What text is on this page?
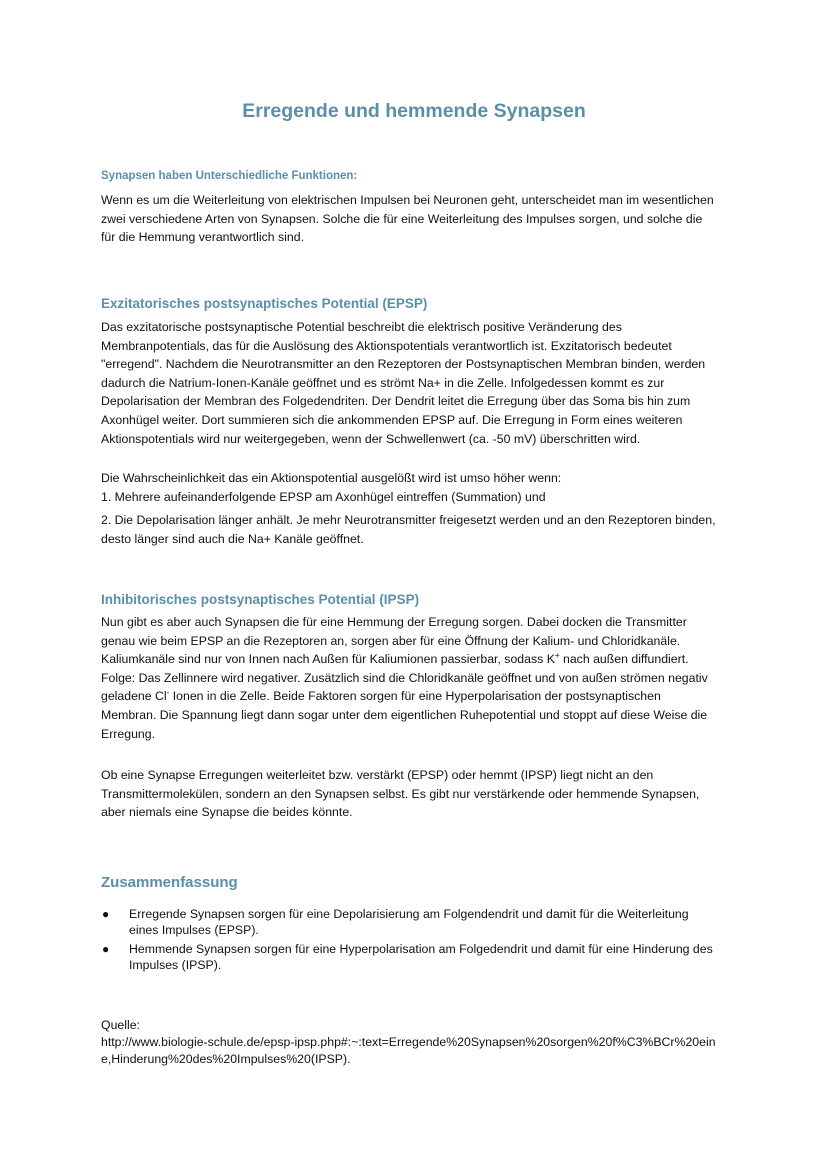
Erregende und hemmende Synapsen
Synapsen haben Unterschiedliche Funktionen:
Wenn es um die Weiterleitung von elektrischen Impulsen bei Neuronen geht, unterscheidet man im wesentlichen
zwei verschiedene Arten von Synapsen. Solche die für eine Weiterleitung des Impulses sorgen, und solche die
für die Hemmung verantwortlich sind.
Exzitatorisches postsynaptisches Potential (EPSP)
Das exzitatorische postsynaptische Potential beschreibt die elektrisch positive Veränderung des
Membranpotentials, das für die Auslösung des Aktionspotentials verantwortlich ist. Exzitatorisch bedeutet
"erregend". Nachdem die Neurotransmitter an den Rezeptoren der Postsynaptischen Membran binden, werden
dadurch die Natrium-Ionen-Kanäle geöffnet und es strömt Na+ in die Zelle. Infolgedessen kommt es zur
Depolarisation der Membran des Folgedendriten. Der Dendrit leitet die Erregung über das Soma bis hin zum
Axonhügel weiter. Dort summieren sich die ankommenden EPSP auf. Die Erregung in Form eines weiteren
Aktionspotentials wird nur weitergegeben, wenn der Schwellenwert (ca. -50 mV) überschritten wird.
Die Wahrscheinlichkeit das ein Aktionspotential ausgelößt wird ist umso höher wenn:
1. Mehrere aufeinanderfolgende EPSP am Axonhügel eintreffen (Summation) und
2. Die Depolarisation länger anhält. Je mehr Neurotransmitter freigesetzt werden und an den Rezeptoren binden,
desto länger sind auch die Na+ Kanäle geöffnet.
Inhibitorisches postsynaptisches Potential (IPSP)
Nun gibt es aber auch Synapsen die für eine Hemmung der Erregung sorgen. Dabei docken die Transmitter
genau wie beim EPSP an die Rezeptoren an, sorgen aber für eine Öffnung der Kalium- und Chloridkanäle.
Kaliumkanäle sind nur von Innen nach Außen für Kaliumionen passierbar, sodass K+ nach außen diffundiert.
Folge: Das Zellinnere wird negativer. Zusätzlich sind die Chloridkanäle geöffnet und von außen strömen negativ
geladene Cl- Ionen in die Zelle. Beide Faktoren sorgen für eine Hyperpolarisation der postsynaptischen
Membran. Die Spannung liegt dann sogar unter dem eigentlichen Ruhepotential und stoppt auf diese Weise die
Erregung.
Ob eine Synapse Erregungen weiterleitet bzw. verstärkt (EPSP) oder hemmt (IPSP) liegt nicht an den
Transmittermolekülen, sondern an den Synapsen selbst. Es gibt nur verstärkende oder hemmende Synapsen,
aber niemals eine Synapse die beides könnte.
Zusammenfassung
● Erregende Synapsen sorgen für eine Depolarisierung am Folgendendrit und damit für die Weiterleitung
eines Impulses (EPSP).
● Hemmende Synapsen sorgen für eine Hyperpolarisation am Folgedendrit und damit für eine Hinderung des
Impulses (IPSP).
Quelle:
http://www.biologie-schule.de/epsp-ipsp.php#:~:text=Erregende%20Synapsen%20sorgen%20f%C3%BCr%20ein
e,Hinderung%20des%20Impulses%20(IPSP).
